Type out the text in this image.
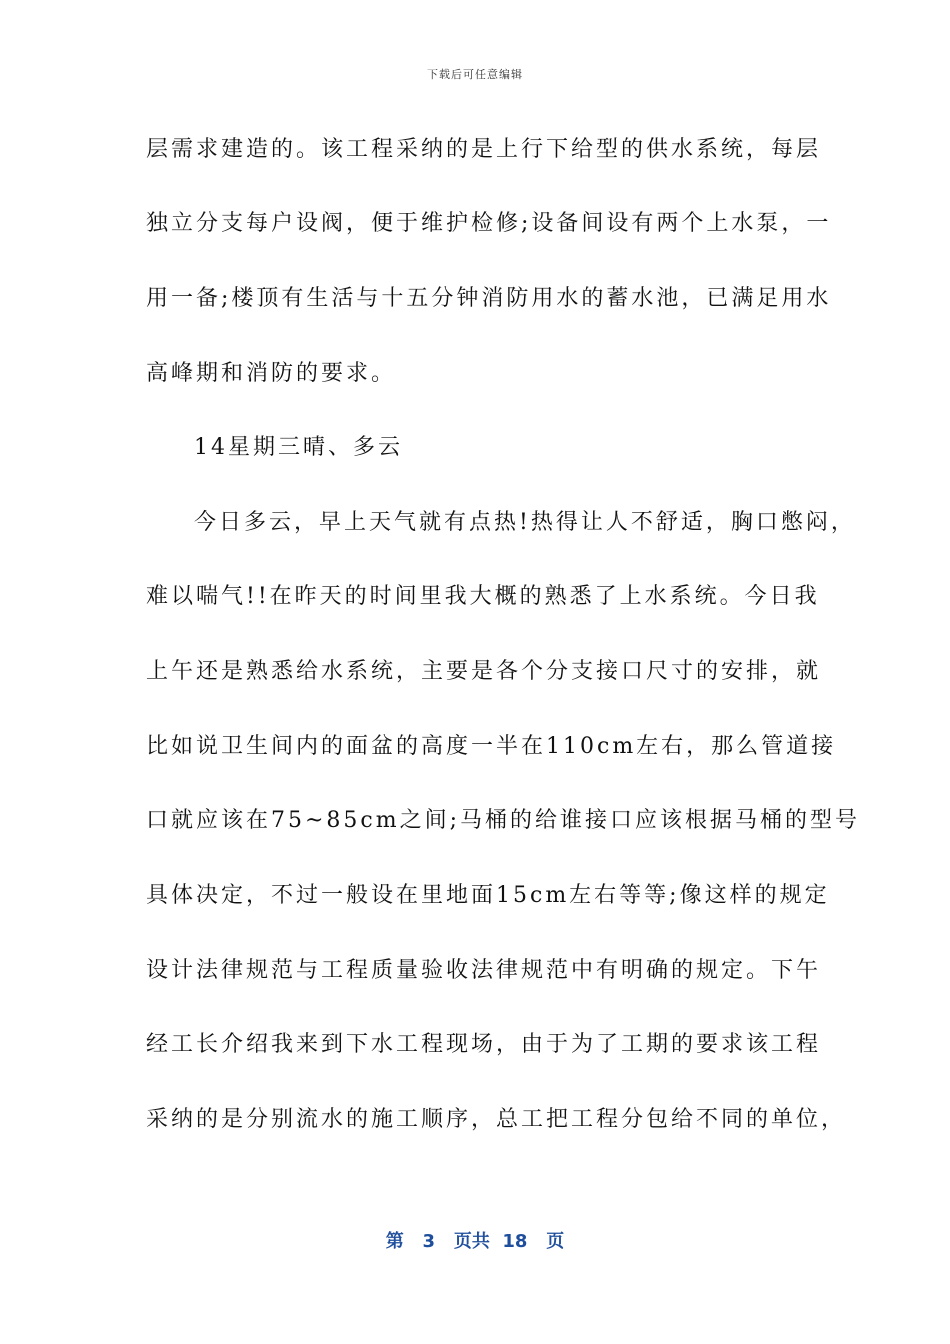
下载后可任意编辑
层需求建造的。该工程采纳的是上行下给型的供水系统，每层
独立分支每户设阀，便于维护检修;设备间设有两个上水泵，一
用一备;楼顶有生活与十五分钟消防用水的蓄水池，已满足用水
高峰期和消防的要求。
14星期三晴、多云
今日多云，早上天气就有点热!热得让人不舒适，胸口憋闷，
难以喘气!!在昨天的时间里我大概的熟悉了上水系统。今日我
上午还是熟悉给水系统，主要是各个分支接口尺寸的安排，就
比如说卫生间内的面盆的高度一半在110cm左右，那么管道接
口就应该在75~85cm之间;马桶的给谁接口应该根据马桶的型号
具体决定，不过一般设在里地面15cm左右等等;像这样的规定
设计法律规范与工程质量验收法律规范中有明确的规定。下午
经工长介绍我来到下水工程现场，由于为了工期的要求该工程
采纳的是分别流水的施工顺序，总工把工程分包给不同的单位，
第 3 页共 18 页
